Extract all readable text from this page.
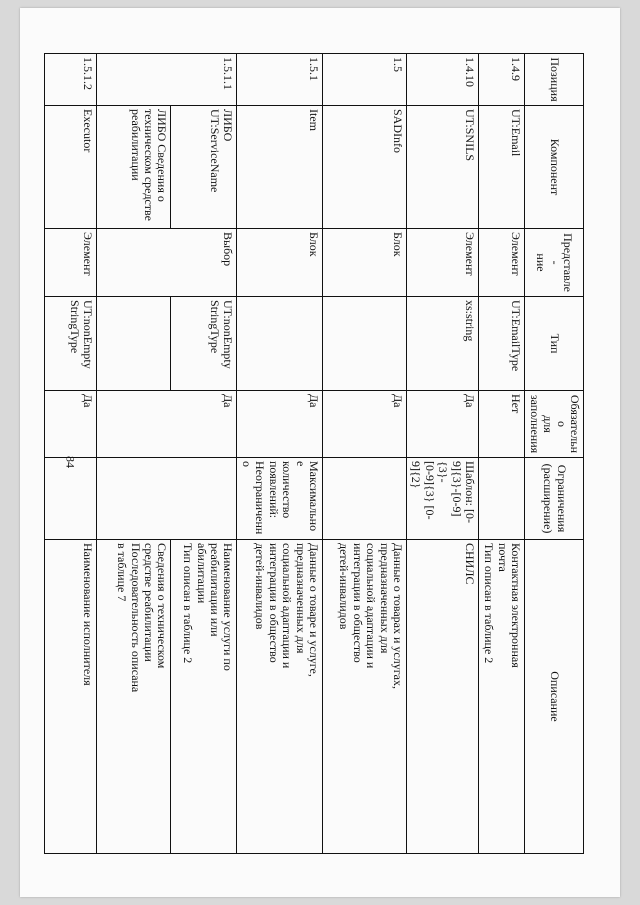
84
Позиция	Компонент	Представле-
ние	Тип	Обязательно
для
заполнения	Ограничения
(расширение)	Описание
1.4.9	UT:Email	Элемент	UT:EmailType	Нет		Контактная электронная
почта
Тип описан в таблице 2
1.4.10	UT:SNILS	Элемент	xs:string	Да	Шаблон: [0-
9]{3}-[0-9]{3}-
[0-9]{3} [0-
9]{2}	СНИЛС
1.5	SADInfo	Блок		Да		Данные о товарах и услугах,
предназначенных для
социальной адаптации и
интеграции в общество
детей-инвалидов
1.5.1	Item	Блок		Да	Максимальное
количество
появлений:
Неограниченно	Данные о товаре и услуге,
предназначенных для
социальной адаптации и
интеграции в общество
детей-инвалидов
1.5.1.1	ЛИБО UT:ServiceName	Выбор	UT:nonEmpty
StringType	Да		Наименование услуги по
реабилитации или
абилитации
Тип описан в таблице 2
	ЛИБО Сведения о
техническом средстве
реабилитации					Сведения о техническом
средстве реабилитации
Последовательность описана
в таблице 7
1.5.1.2	Executor	Элемент	UT:nonEmpty
StringType	Да		Наименование исполнителя
